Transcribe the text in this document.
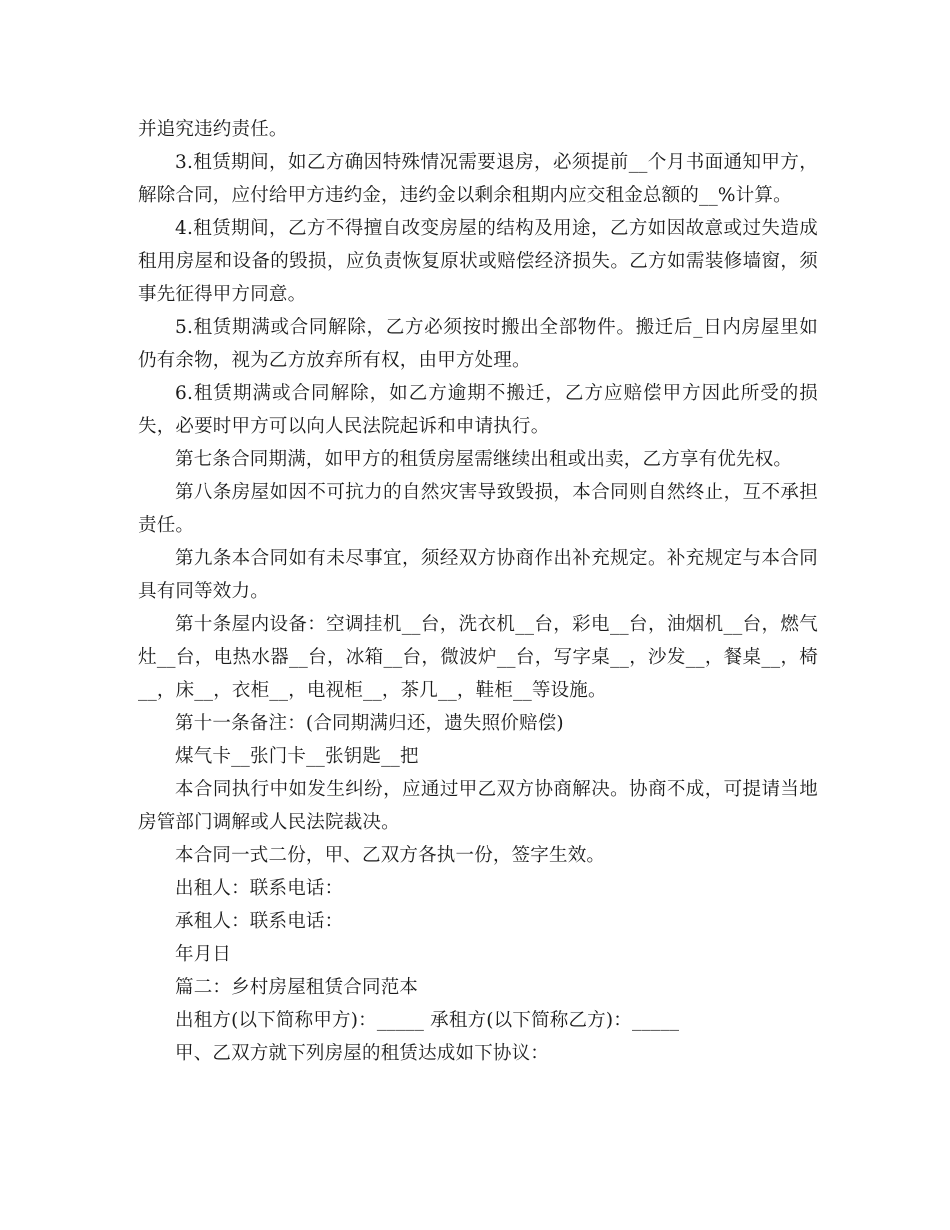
并追究违约责任。

3.租赁期间，如乙方确因特殊情况需要退房，必须提前__个月书面通知甲方，解除合同，应付给甲方违约金，违约金以剩余租期内应交租金总额的__%计算。

4.租赁期间，乙方不得擅自改变房屋的结构及用途，乙方如因故意或过失造成租用房屋和设备的毁损，应负责恢复原状或赔偿经济损失。乙方如需装修墙窗，须事先征得甲方同意。

5.租赁期满或合同解除，乙方必须按时搬出全部物件。搬迁后_日内房屋里如仍有余物，视为乙方放弃所有权，由甲方处理。

6.租赁期满或合同解除，如乙方逾期不搬迁，乙方应赔偿甲方因此所受的损失，必要时甲方可以向人民法院起诉和申请执行。

第七条合同期满，如甲方的租赁房屋需继续出租或出卖，乙方享有优先权。

第八条房屋如因不可抗力的自然灾害导致毁损，本合同则自然终止，互不承担责任。

第九条本合同如有未尽事宜，须经双方协商作出补充规定。补充规定与本合同具有同等效力。

第十条屋内设备：空调挂机__台，洗衣机__台，彩电__台，油烟机__台，燃气灶__台，电热水器__台，冰箱__台，微波炉__台，写字桌__，沙发__，餐桌__，椅__，床__，衣柜__，电视柜__，茶几__，鞋柜__等设施。

第十一条备注：(合同期满归还，遗失照价赔偿)

煤气卡__张门卡__张钥匙__把

本合同执行中如发生纠纷，应通过甲乙双方协商解决。协商不成，可提请当地房管部门调解或人民法院裁决。

本合同一式二份，甲、乙双方各执一份，签字生效。

出租人：联系电话：

承租人：联系电话：

年月日

篇二：乡村房屋租赁合同范本

出租方(以下简称甲方)：_____ 承租方(以下简称乙方)：_____

甲、乙双方就下列房屋的租赁达成如下协议：
